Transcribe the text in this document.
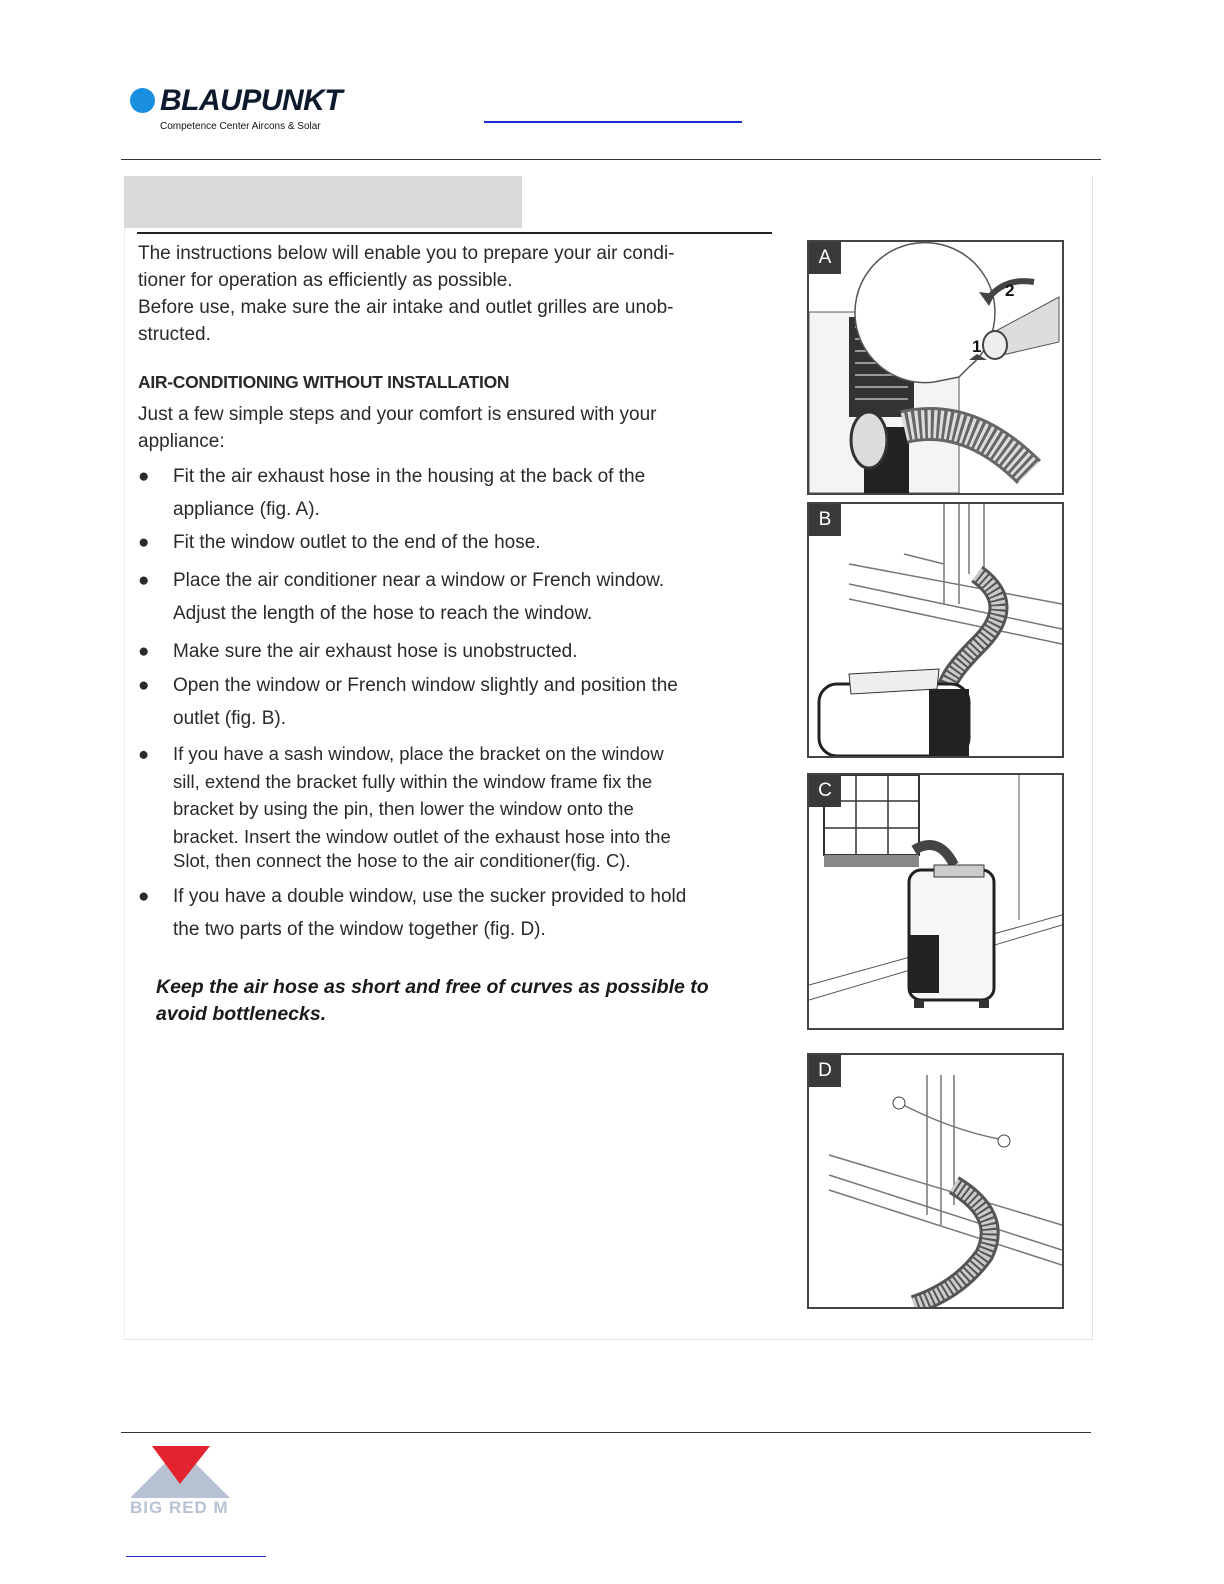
BLAUPUNKT
Competence Center Aircons & Solar
The instructions below will enable you to prepare your air condi-
tioner for operation as efficiently as possible.
Before use, make sure the air intake and outlet grilles are unob-
structed.
AIR-CONDITIONING WITHOUT INSTALLATION
Just a few simple steps and your comfort is ensured with your
appliance:
● Fit the air exhaust hose in the housing at the back of the
appliance (fig. A).
● Fit the window outlet to the end of the hose.
● Place the air conditioner near a window or French window.
Adjust the length of the hose to reach the window.
● Make sure the air exhaust hose is unobstructed.
● Open the window or French window slightly and position the
outlet (fig. B).
● If you have a sash window, place the bracket on the window
sill, extend the bracket fully within the window frame fix the
bracket by using the pin, then lower the window onto the
bracket. Insert the window outlet of the exhaust hose into the
Slot, then connect the hose to the air conditioner(fig. C).
● If you have a double window, use the sucker provided to hold
the two parts of the window together (fig. D).
Keep the air hose as short and free of curves as possible to
avoid bottlenecks.
2
1
A
B
C
D
BIG RED M
